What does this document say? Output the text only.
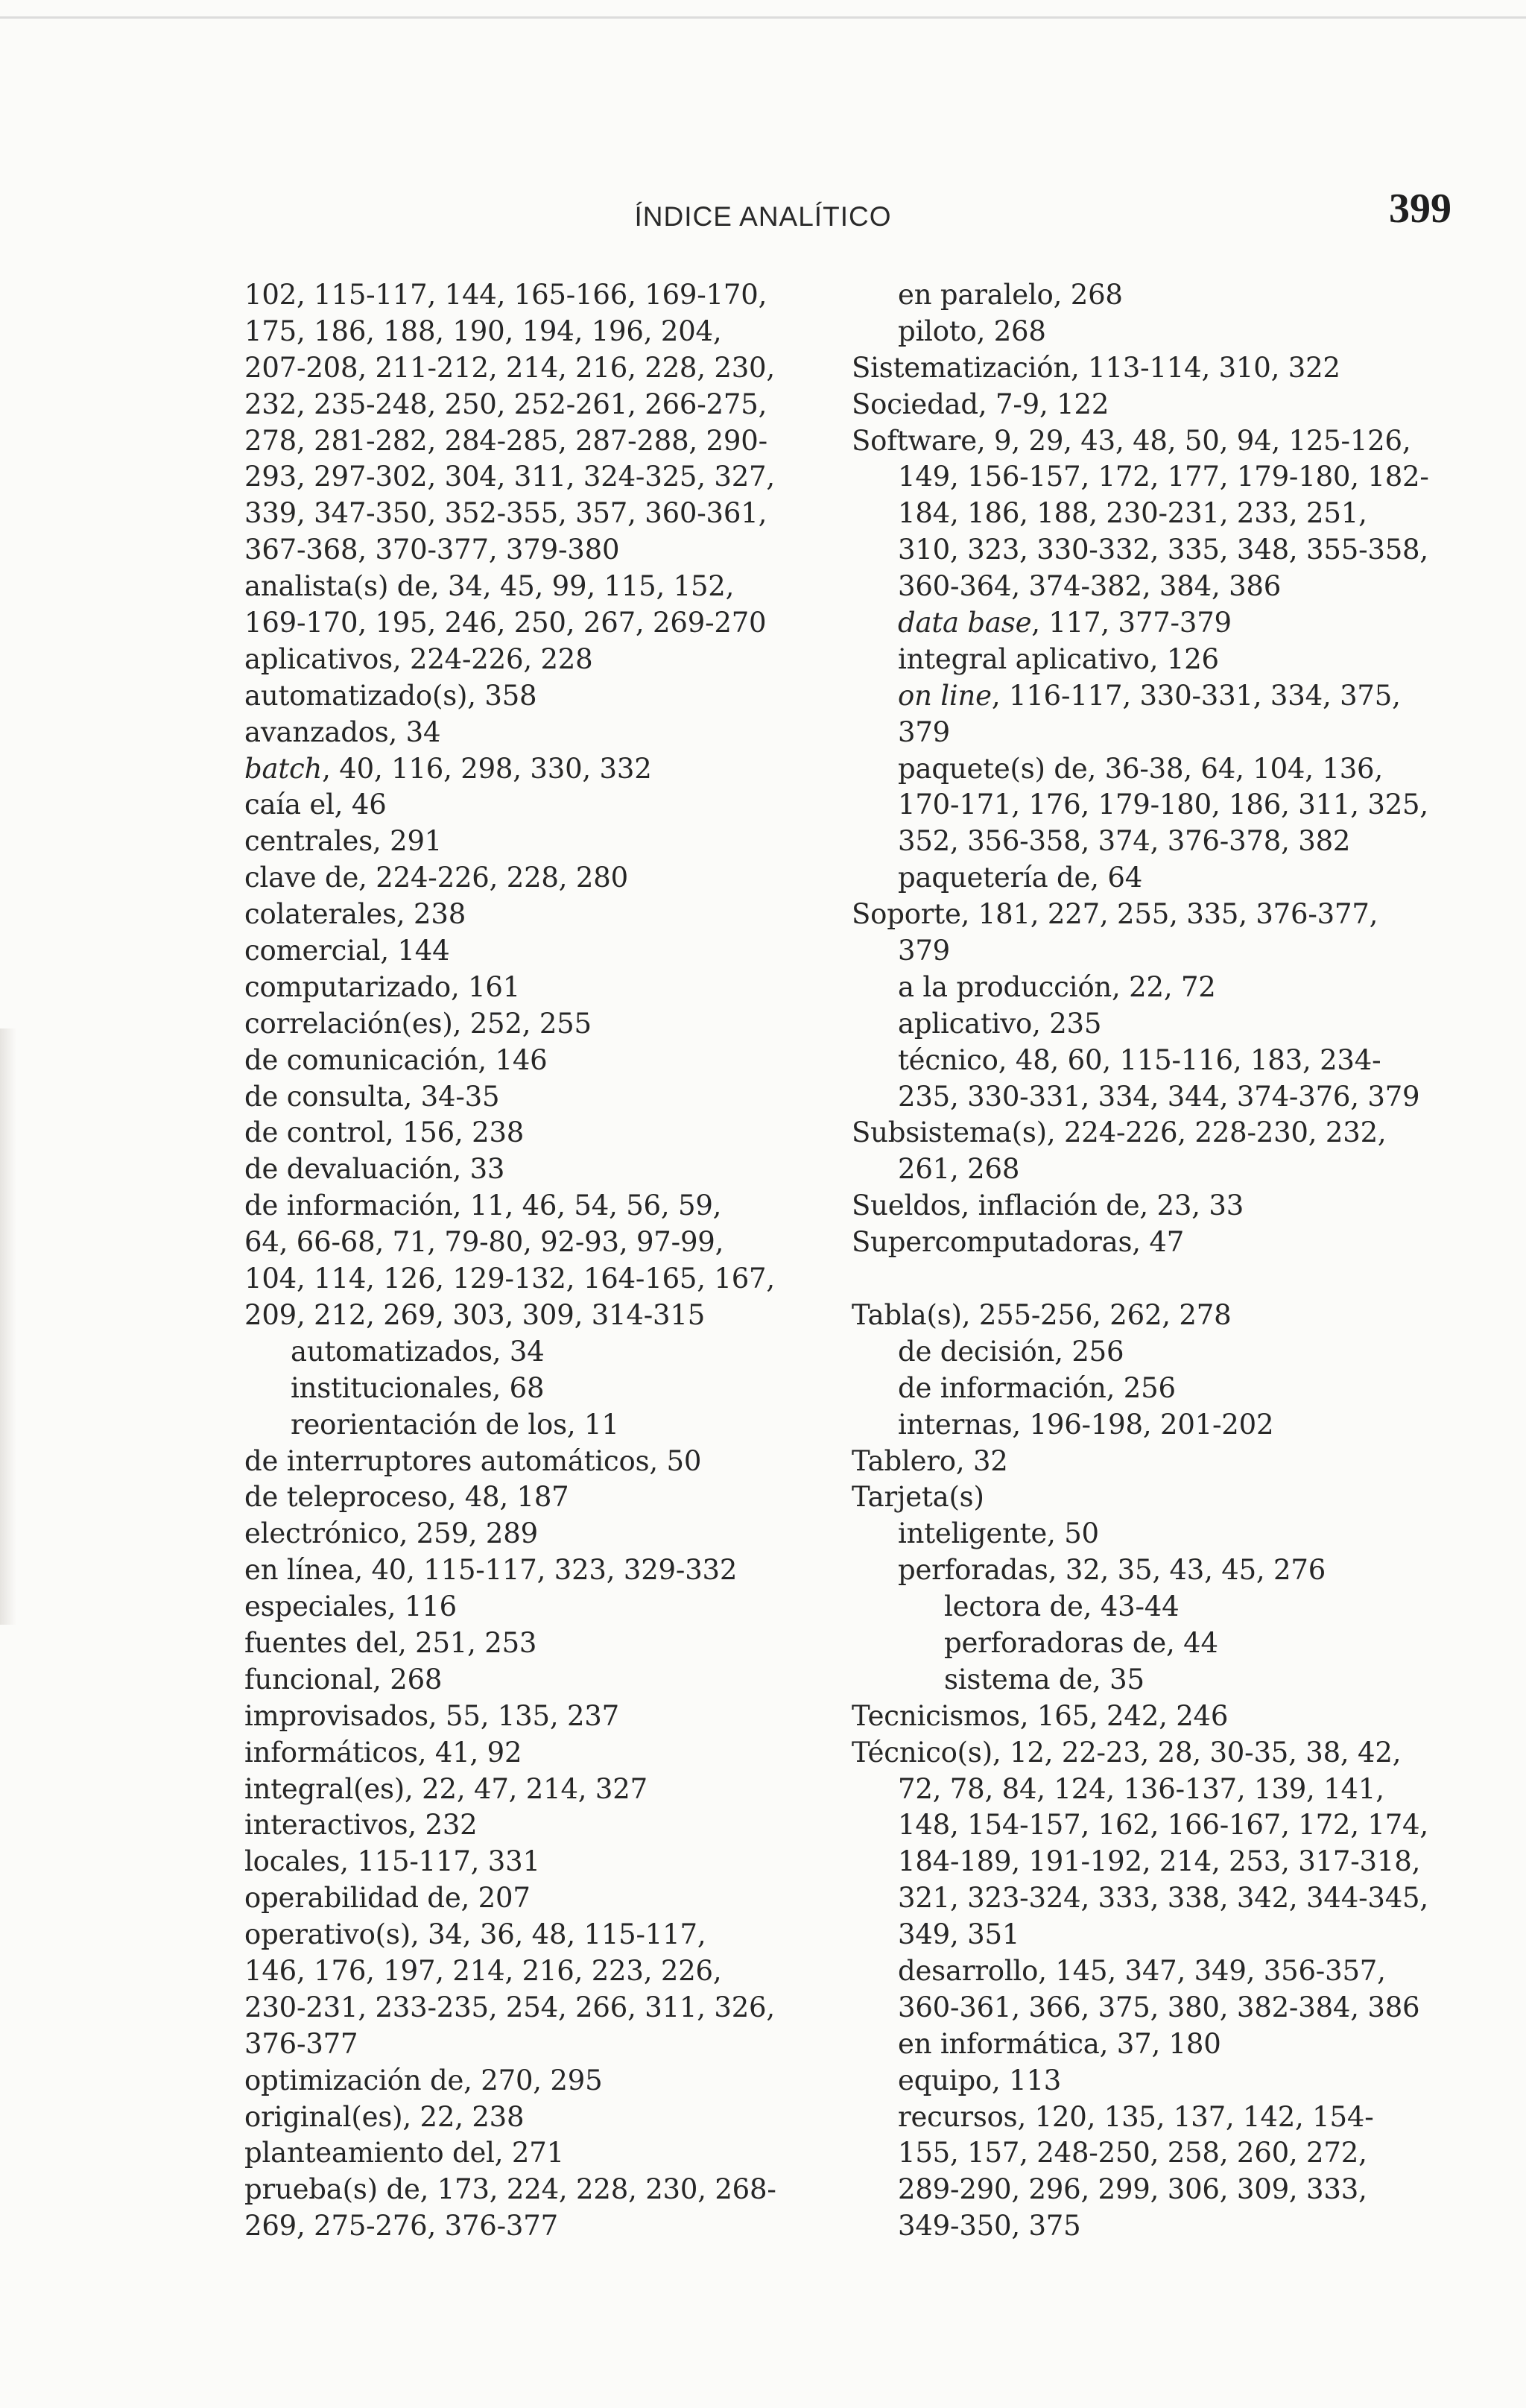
ÍNDICE ANALÍTICO	399
102, 115-117, 144, 165-166, 169-170,
175, 186, 188, 190, 194, 196, 204,
207-208, 211-212, 214, 216, 228, 230,
232, 235-248, 250, 252-261, 266-275,
278, 281-282, 284-285, 287-288, 290-
293, 297-302, 304, 311, 324-325, 327,
339, 347-350, 352-355, 357, 360-361,
367-368, 370-377, 379-380
analista(s) de, 34, 45, 99, 115, 152,
169-170, 195, 246, 250, 267, 269-270
aplicativos, 224-226, 228
automatizado(s), 358
avanzados, 34
batch, 40, 116, 298, 330, 332
caía el, 46
centrales, 291
clave de, 224-226, 228, 280
colaterales, 238
comercial, 144
computarizado, 161
correlación(es), 252, 255
de comunicación, 146
de consulta, 34-35
de control, 156, 238
de devaluación, 33
de información, 11, 46, 54, 56, 59,
64, 66-68, 71, 79-80, 92-93, 97-99,
104, 114, 126, 129-132, 164-165, 167,
209, 212, 269, 303, 309, 314-315
automatizados, 34
institucionales, 68
reorientación de los, 11
de interruptores automáticos, 50
de teleproceso, 48, 187
electrónico, 259, 289
en línea, 40, 115-117, 323, 329-332
especiales, 116
fuentes del, 251, 253
funcional, 268
improvisados, 55, 135, 237
informáticos, 41, 92
integral(es), 22, 47, 214, 327
interactivos, 232
locales, 115-117, 331
operabilidad de, 207
operativo(s), 34, 36, 48, 115-117,
146, 176, 197, 214, 216, 223, 226,
230-231, 233-235, 254, 266, 311, 326,
376-377
optimización de, 270, 295
original(es), 22, 238
planteamiento del, 271
prueba(s) de, 173, 224, 228, 230, 268-
269, 275-276, 376-377
en paralelo, 268
piloto, 268
Sistematización, 113-114, 310, 322
Sociedad, 7-9, 122
Software, 9, 29, 43, 48, 50, 94, 125-126,
149, 156-157, 172, 177, 179-180, 182-
184, 186, 188, 230-231, 233, 251,
310, 323, 330-332, 335, 348, 355-358,
360-364, 374-382, 384, 386
data base, 117, 377-379
integral aplicativo, 126
on line, 116-117, 330-331, 334, 375,
379
paquete(s) de, 36-38, 64, 104, 136,
170-171, 176, 179-180, 186, 311, 325,
352, 356-358, 374, 376-378, 382
paquetería de, 64
Soporte, 181, 227, 255, 335, 376-377,
379
a la producción, 22, 72
aplicativo, 235
técnico, 48, 60, 115-116, 183, 234-
235, 330-331, 334, 344, 374-376, 379
Subsistema(s), 224-226, 228-230, 232,
261, 268
Sueldos, inflación de, 23, 33
Supercomputadoras, 47
Tabla(s), 255-256, 262, 278
de decisión, 256
de información, 256
internas, 196-198, 201-202
Tablero, 32
Tarjeta(s)
inteligente, 50
perforadas, 32, 35, 43, 45, 276
lectora de, 43-44
perforadoras de, 44
sistema de, 35
Tecnicismos, 165, 242, 246
Técnico(s), 12, 22-23, 28, 30-35, 38, 42,
72, 78, 84, 124, 136-137, 139, 141,
148, 154-157, 162, 166-167, 172, 174,
184-189, 191-192, 214, 253, 317-318,
321, 323-324, 333, 338, 342, 344-345,
349, 351
desarrollo, 145, 347, 349, 356-357,
360-361, 366, 375, 380, 382-384, 386
en informática, 37, 180
equipo, 113
recursos, 120, 135, 137, 142, 154-
155, 157, 248-250, 258, 260, 272,
289-290, 296, 299, 306, 309, 333,
349-350, 375
